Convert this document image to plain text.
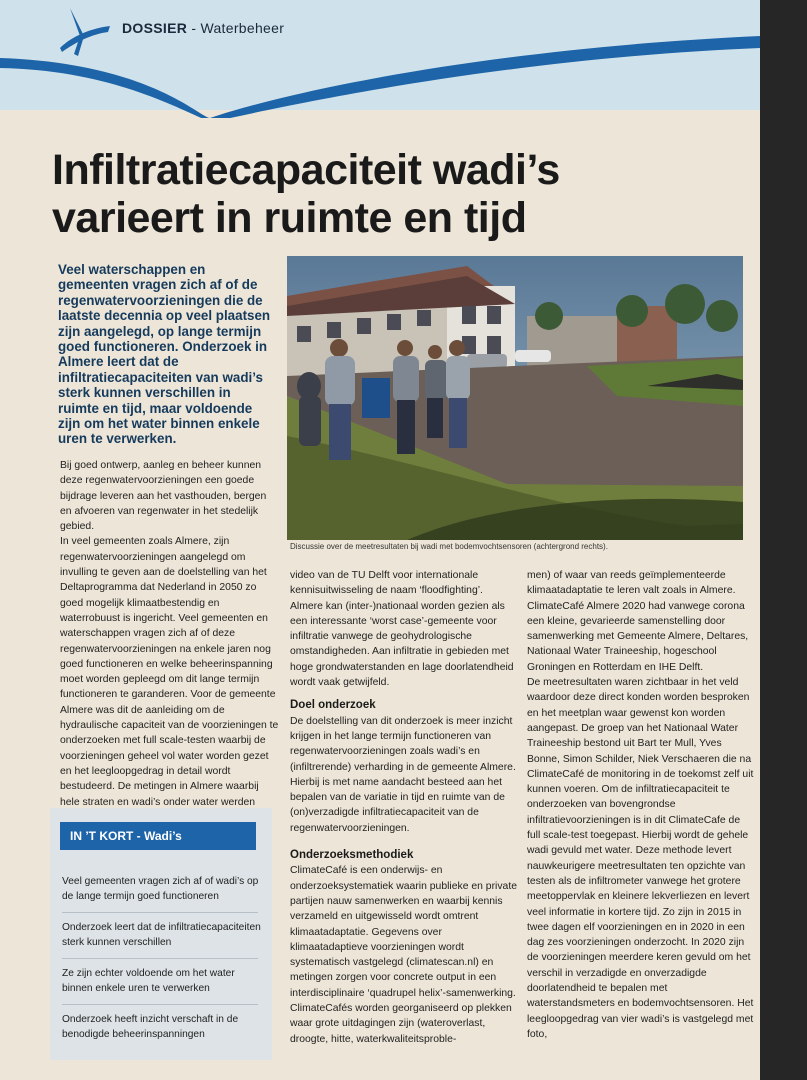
DOSSIER - Waterbeheer
Infiltratiecapaciteit wadi’s
varieert in ruimte en tijd
Veel waterschappen en gemeenten vragen zich af of de regenwatervoorzieningen die de laatste decennia op veel plaatsen zijn aangelegd, op lange termijn goed functioneren. Onderzoek in Almere leert dat de infiltratiecapaciteiten van wadi’s sterk kunnen verschillen in ruimte en tijd, maar voldoende zijn om het water binnen enkele uren te verwerken.
Discussie over de meetresultaten bij wadi met bodemvochtsensoren (achtergrond rechts).

Bij goed ontwerp, aanleg en beheer kunnen deze regenwatervoorzieningen een goede bijdrage leveren aan het vasthouden, bergen en afvoeren van regenwater in het stedelijk gebied.

In veel gemeenten zoals Almere, zijn regenwatervoorzieningen aangelegd om invulling te geven aan de doelstelling van het Deltaprogramma dat Nederland in 2050 zo goed mogelijk klimaatbestendig en waterrobuust is ingericht. Veel gemeenten en waterschappen vragen zich af of deze regenwatervoorzieningen na enkele jaren nog goed functioneren en welke beheerinspanning moet worden gepleegd om dit lange termijn functioneren te garanderen. Voor de gemeente Almere was dit de aanleiding om de hydraulische capaciteit van de voorzieningen te onderzoeken met full scale-testen waarbij de voorzieningen geheel vol water worden gezet en het leegloopgedrag in detail wordt bestudeerd. De metingen in Almere waarbij hele straten en wadi’s onder water werden

video van de TU Delft voor internationale kennisuitwisseling de naam ‘floodfighting’. Almere kan (inter-)nationaal worden gezien als een interessante ‘worst case’-gemeente voor infiltratie vanwege de geohydrologische omstandigheden. Aan infiltratie in gebieden met hoge grondwaterstanden en lage doorlatendheid wordt vaak getwijfeld.

Doel onderzoek

De doelstelling van dit onderzoek is meer inzicht krijgen in het lange termijn functioneren van regenwatervoorzieningen zoals wadi’s en (infiltrerende) verharding in de gemeente Almere. Hierbij is met name aandacht besteed aan het bepalen van de variatie in tijd en ruimte van de (on)verzadigde infiltratiecapaciteit van de regenwatervoorzieningen.

Onderzoeksmethodiek

ClimateCafé is een onderwijs- en onderzoeksystematiek waarin publieke en private partijen nauw samenwerken en waarbij kennis verzameld en uitgewisseld wordt omtrent klimaatadaptatie. Gegevens over klimaatadaptieve voorzieningen wordt systematisch vastgelegd (climatescan.nl) en metingen zorgen voor concrete output in een interdisciplinaire ‘quadrupel helix’-samenwerking. ClimateCafés worden georganiseerd op plekken waar grote uitdagingen zijn (wateroverlast, droogte, hitte, waterkwaliteitsproble-

men) of waar van reeds geïmplementeerde klimaatadaptatie te leren valt zoals in Almere. ClimateCafé Almere 2020 had vanwege corona een kleine, gevarieerde samenstelling door samenwerking met Gemeente Almere, Deltares, Nationaal Water Traineeship, hogeschool Groningen en Rotterdam en IHE Delft.

De meetresultaten waren zichtbaar in het veld waardoor deze direct konden worden besproken en het meetplan waar gewenst kon worden aangepast. De groep van het Nationaal Water Traineeship bestond uit Bart ter Mull, Yves Bonne, Simon Schilder, Niek Verschaeren die na ClimateCafé de monitoring in de toekomst zelf uit kunnen voeren. Om de infiltratiecapaciteit te onderzoeken van bovengrondse infiltratievoorzieningen is in dit ClimateCafe de full scale-test toegepast. Hierbij wordt de gehele wadi gevuld met water. Deze methode levert nauwkeurigere meetresultaten ten opzichte van testen als de infiltrometer vanwege het grotere meetoppervlak en kleinere lekverliezen en levert veel informatie in kortere tijd. Zo zijn in 2015 in twee dagen elf voorzieningen en in 2020 in een dag zes voorzieningen onderzocht. In 2020 zijn de voorzieningen meerdere keren gevuld om het verschil in verzadigde en onverzadigde doorlatendheid te bepalen met waterstandsmeters en bodemvochtsensoren. Het leegloopgedrag van vier wadi’s is vastgelegd met foto,

IN ’T KORT - Wadi’s
Veel gemeenten vragen zich af of wadi’s op de lange termijn goed functioneren
Onderzoek leert dat de infiltratiecapaciteiten sterk kunnen verschillen
Ze zijn echter voldoende om het water binnen enkele uren te verwerken
Onderzoek heeft inzicht verschaft in de benodigde beheerinspanningen
